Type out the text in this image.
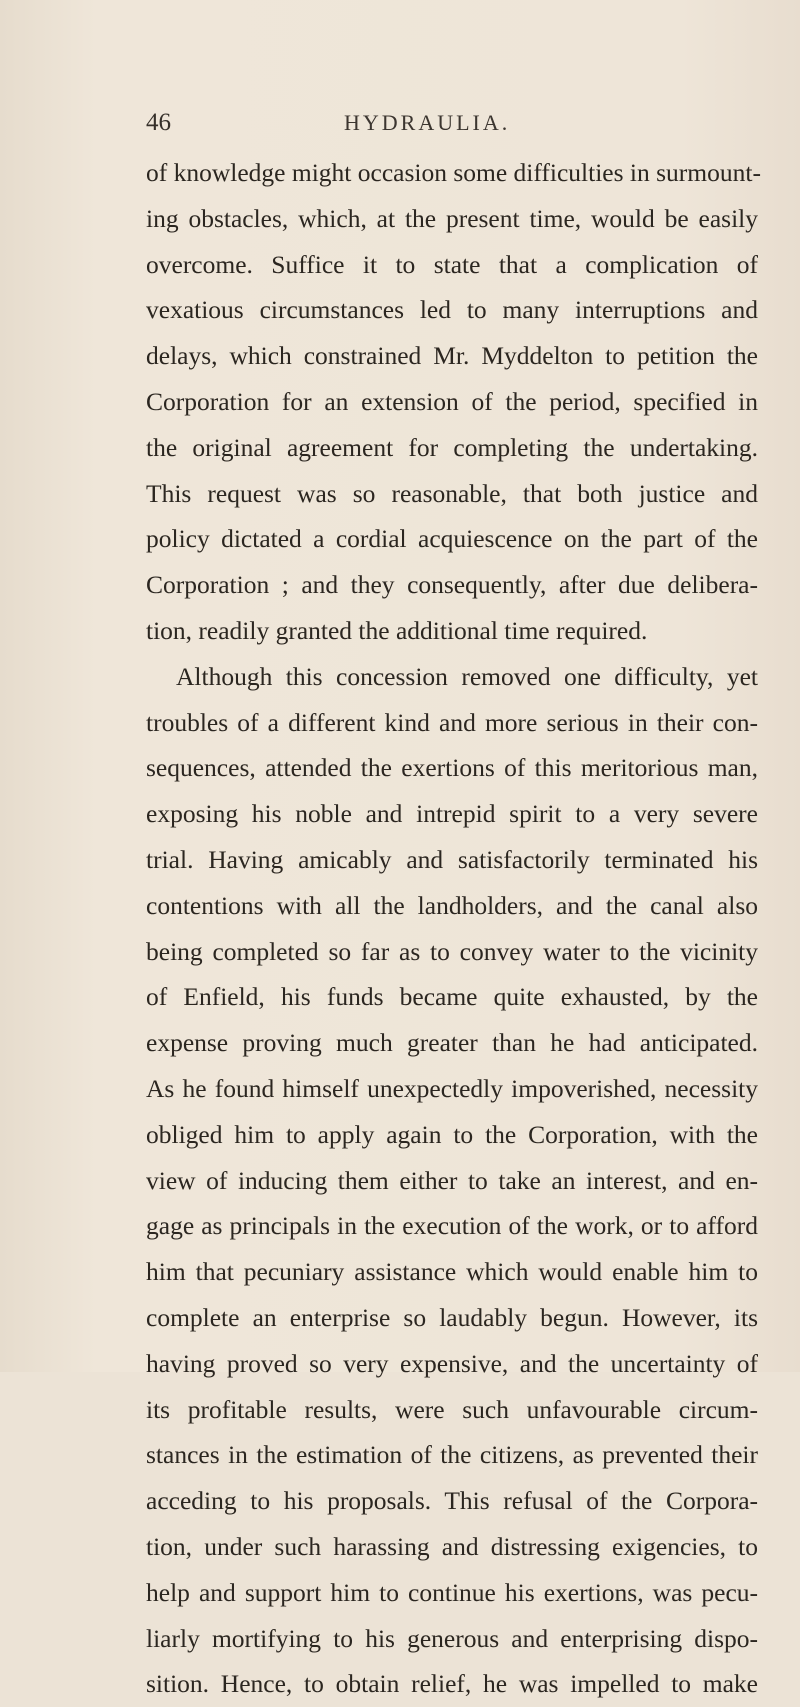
46	HYDRAULIA.
of knowledge might occasion some difficulties in surmount-
ing obstacles, which, at the present time, would be easily
overcome. Suffice it to state that a complication of
vexatious circumstances led to many interruptions and
delays, which constrained Mr. Myddelton to petition the
Corporation for an extension of the period, specified in
the original agreement for completing the undertaking.
This request was so reasonable, that both justice and
policy dictated a cordial acquiescence on the part of the
Corporation ; and they consequently, after due delibera-
tion, readily granted the additional time required.
Although this concession removed one difficulty, yet
troubles of a different kind and more serious in their con-
sequences, attended the exertions of this meritorious man,
exposing his noble and intrepid spirit to a very severe
trial. Having amicably and satisfactorily terminated his
contentions with all the landholders, and the canal also
being completed so far as to convey water to the vicinity
of Enfield, his funds became quite exhausted, by the
expense proving much greater than he had anticipated.
As he found himself unexpectedly impoverished, necessity
obliged him to apply again to the Corporation, with the
view of inducing them either to take an interest, and en-
gage as principals in the execution of the work, or to afford
him that pecuniary assistance which would enable him to
complete an enterprise so laudably begun. However, its
having proved so very expensive, and the uncertainty of
its profitable results, were such unfavourable circum-
stances in the estimation of the citizens, as prevented their
acceding to his proposals. This refusal of the Corpora-
tion, under such harassing and distressing exigencies, to
help and support him to continue his exertions, was pecu-
liarly mortifying to his generous and enterprising dispo-
sition. Hence, to obtain relief, he was impelled to make
